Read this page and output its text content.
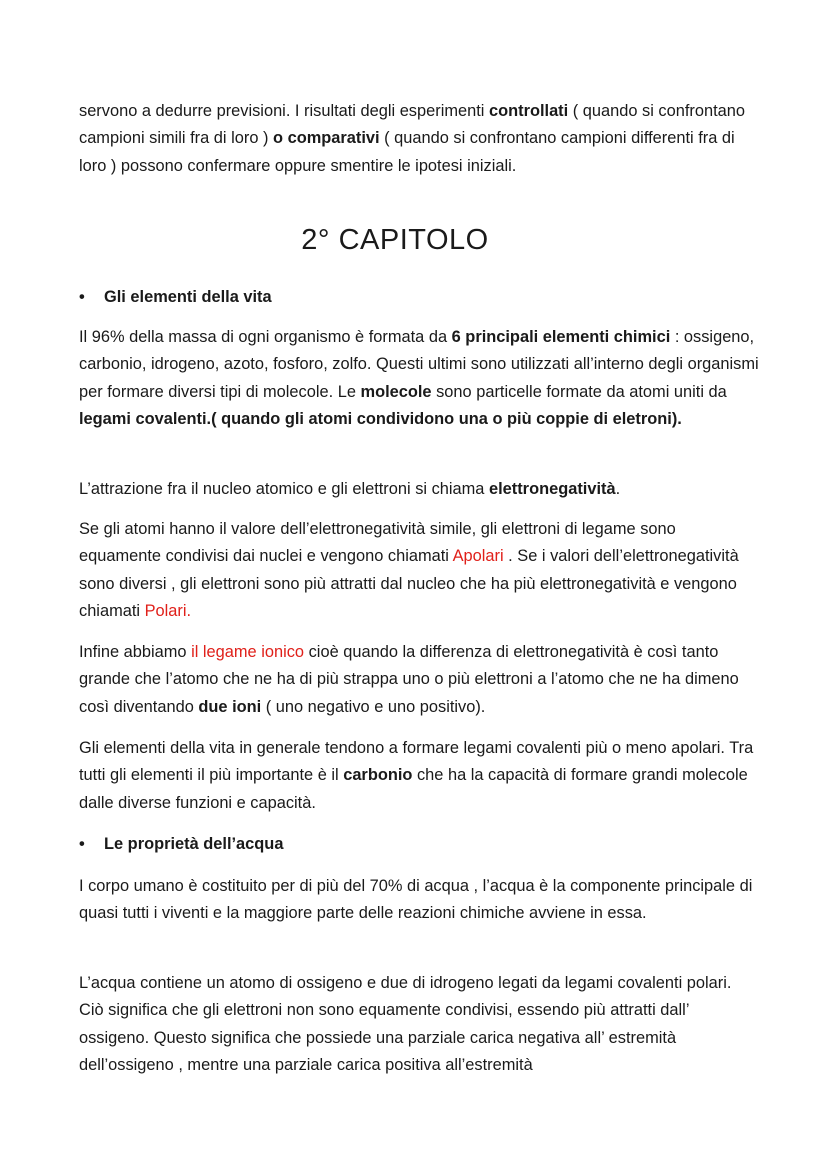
servono a dedurre previsioni. I risultati degli esperimenti controllati ( quando si confrontano campioni simili fra di loro ) o comparativi ( quando si confrontano campioni differenti fra di loro ) possono confermare oppure smentire le ipotesi iniziali.

2° CAPITOLO
• Gli elementi della vita

Il 96% della massa di ogni organismo è formata da 6 principali elementi chimici : ossigeno, carbonio, idrogeno, azoto, fosforo, zolfo. Questi ultimi sono utilizzati all’interno degli organismi per formare diversi tipi di molecole. Le molecole sono particelle formate da atomi uniti da legami covalenti.( quando gli atomi condividono una o più coppie di eletroni).

L’attrazione fra il nucleo atomico e gli elettroni si chiama elettronegatività.

Se gli atomi hanno il valore dell’elettronegatività simile, gli elettroni di legame sono equamente condivisi dai nuclei e vengono chiamati Apolari . Se i valori dell’elettronegatività sono diversi , gli elettroni sono più attratti dal nucleo che ha più elettronegatività e vengono chiamati Polari.

Infine abbiamo il legame ionico cioè quando la differenza di elettronegatività è così tanto grande che l’atomo che ne ha di più strappa uno o più elettroni a l’atomo che ne ha dimeno così diventando due ioni ( uno negativo e uno positivo).

Gli elementi della vita in generale tendono a formare legami covalenti più o meno apolari. Tra tutti gli elementi il più importante è il carbonio che ha la capacità di formare grandi molecole dalle diverse funzioni e capacità.

• Le proprietà dell’acqua

I corpo umano è costituito per di più del 70% di acqua , l’acqua è la componente principale di quasi tutti i viventi e la maggiore parte delle reazioni chimiche avviene in essa.

L’acqua contiene un atomo di ossigeno e due di idrogeno legati da legami covalenti polari. Ciò significa che gli elettroni non sono equamente condivisi, essendo più attratti dall’ ossigeno. Questo significa che possiede una parziale carica negativa all’ estremità dell’ossigeno , mentre una parziale carica positiva all’estremità
